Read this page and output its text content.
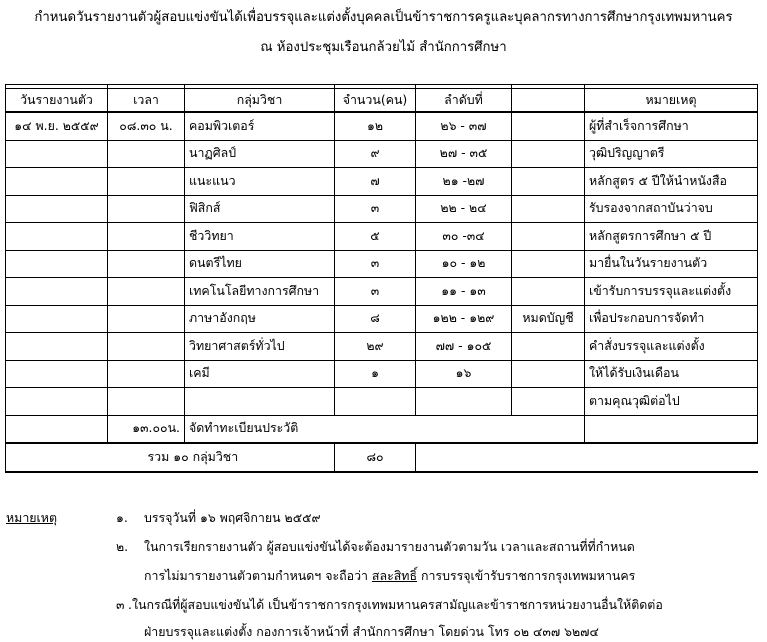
กำหนดวันรายงานตัวผู้สอบแข่งขันได้เพื่อบรรจุและแต่งตั้งบุคคลเป็นข้าราชการครูและบุคลากรทางการศึกษากรุงเทพมหานคร
ณ ห้องประชุมเรือนกล้วยไม้ สำนักการศึกษา

วันรายงานตัว	เวลา	กลุ่มวิชา	จำนวน(คน)	ลำดับที่		หมายเหตุ
๑๔ พ.ย. ๒๕๕๙	๐๘.๓๐ น.	คอมพิวเตอร์	๑๒	๒๖ - ๓๗		ผู้ที่สำเร็จการศึกษา
		นาฏศิลป์	๙	๒๗ - ๓๕		วุฒิปริญญาตรี
		แนะแนว	๗	๒๑ -๒๗		หลักสูตร ๕ ปีให้นำหนังสือ
		ฟิสิกส์	๓	๒๒ - ๒๔		รับรองจากสถาบันว่าจบ
		ชีววิทยา	๕	๓๐ -๓๔		หลักสูตรการศึกษา ๕ ปี
		ดนตรีไทย	๓	๑๐ - ๑๒		มายื่นในวันรายงานตัว
		เทคโนโลยีทางการศึกษา	๓	๑๑ - ๑๓		เข้ารับการบรรจุและแต่งตั้ง
		ภาษาอังกฤษ	๘	๑๒๒ - ๑๒๙	หมดบัญชี	เพื่อประกอบการจัดทำ
		วิทยาศาสตร์ทั่วไป	๒๙	๗๗ - ๑๐๕		คำสั่งบรรจุและแต่งตั้ง
		เคมี	๑	๑๖		ให้ได้รับเงินเดือน
						ตามคุณวุฒิต่อไป
	๑๓.๐๐น.	จัดทำทะเบียนประวัติ				
	รวม ๑๐ กลุ่มวิชา		๘๐			
หมายเหตุ	๑. บรรจุวันที่ ๑๖ พฤศจิกายน ๒๕๕๙
๒. ในการเรียกรายงานตัว ผู้สอบแข่งขันได้จะต้องมารายงานตัวตามวัน เวลาและสถานที่ที่กำหนด
การไม่มารายงานตัวตามกำหนดฯ จะถือว่า สละสิทธิ์ การบรรจุเข้ารับราชการกรุงเทพมหานคร
๓ .ในกรณีที่ผู้สอบแข่งขันได้ เป็นข้าราชการกรุงเทพมหานครสามัญและข้าราชการหน่วยงานอื่นให้ติดต่อ
ฝ่ายบรรจุและแต่งตั้ง กองการเจ้าหน้าที่ สำนักการศึกษา โดยด่วน โทร ๐๒ ๔๓๗ ๖๒๗๔
